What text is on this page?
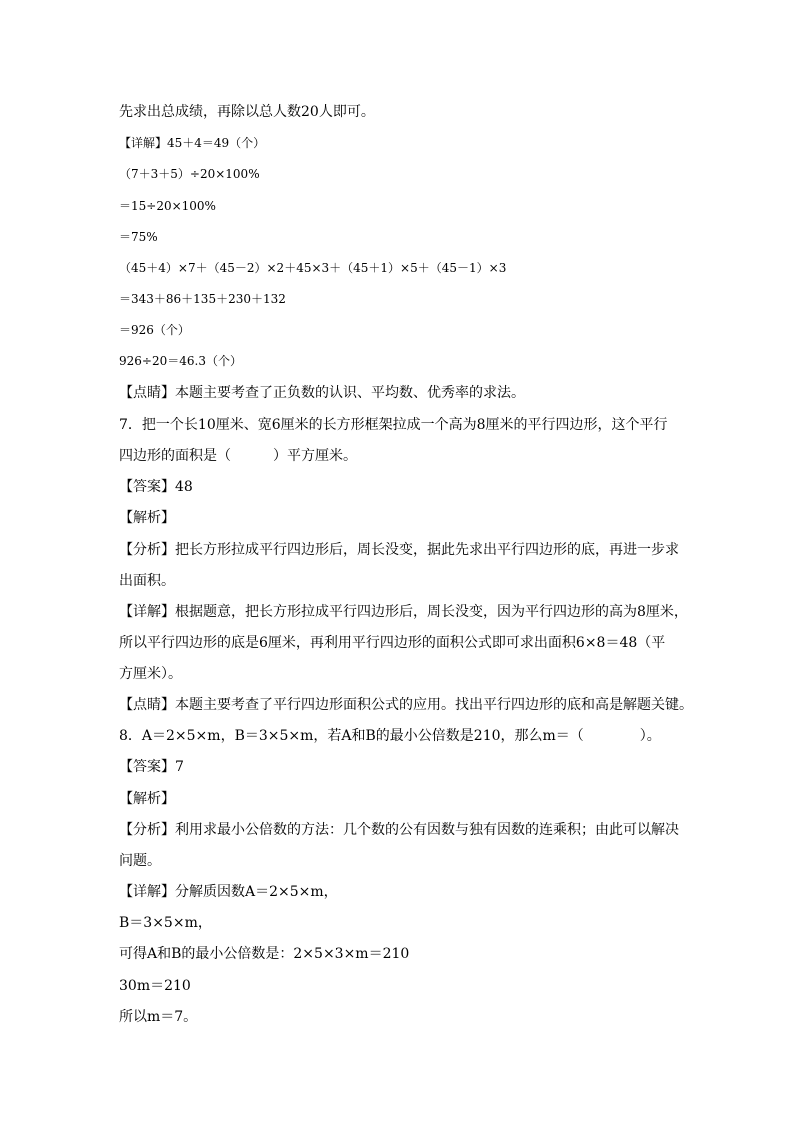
先求出总成绩，再除以总人数20人即可。

【详解】45＋4＝49（个）

（7＋3＋5）÷20×100%

＝15÷20×100%

＝75%

（45＋4）×7＋（45－2）×2＋45×3＋（45＋1）×5＋（45－1）×3

＝343＋86＋135＋230＋132

＝926（个）

926÷20＝46.3（个）

【点睛】本题主要考查了正负数的认识、平均数、优秀率的求法。

7．把一个长10厘米、宽6厘米的长方形框架拉成一个高为8厘米的平行四边形，这个平行

四边形的面积是（　　　）平方厘米。

【答案】48

【解析】

【分析】把长方形拉成平行四边形后，周长没变，据此先求出平行四边形的底，再进一步求

出面积。

【详解】根据题意，把长方形拉成平行四边形后，周长没变，因为平行四边形的高为8厘米，

所以平行四边形的底是6厘米，再利用平行四边形的面积公式即可求出面积6×8＝48（平

方厘米）。

【点睛】本题主要考查了平行四边形面积公式的应用。找出平行四边形的底和高是解题关键。

8．A＝2×5×m，B＝3×5×m，若A和B的最小公倍数是210，那么m＝（　　　　）。

【答案】7

【解析】

【分析】利用求最小公倍数的方法：几个数的公有因数与独有因数的连乘积；由此可以解决

问题。

【详解】分解质因数A＝2×5×m，

B＝3×5×m，

可得A和B的最小公倍数是：2×5×3×m＝210

30m＝210

所以m＝7。
